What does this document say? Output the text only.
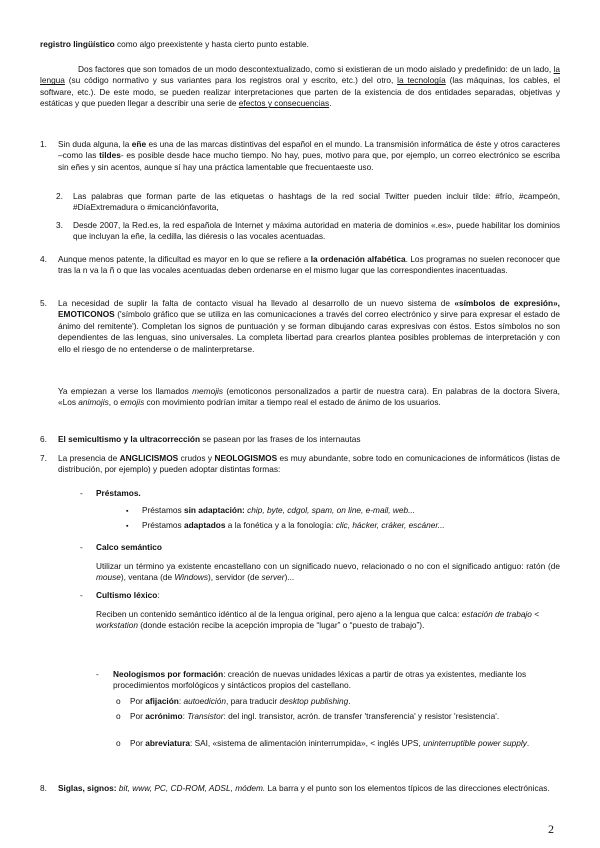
registro lingüístico como algo preexistente y hasta cierto punto estable.
Dos factores que son tomados de un modo descontextualizado, como si existieran de un modo aislado y predefinido: de un lado, la lengua (su código normativo y sus variantes para los registros oral y escrito, etc.) del otro, la tecnología (las máquinas, los cables, el software, etc.). De este modo, se pueden realizar interpretaciones que parten de la existencia de dos entidades separadas, objetivas y estáticas y que pueden llegar a describir una serie de efectos y consecuencias.
1. Sin duda alguna, la eñe es una de las marcas distintivas del español en el mundo. La transmisión informática de éste y otros caracteres –como las tildes- es posible desde hace mucho tiempo. No hay, pues, motivo para que, por ejemplo, un correo electrónico se escriba sin eñes y sin acentos, aunque sí hay una práctica lamentable que frecuentaeste uso.
2. Las palabras que forman parte de las etiquetas o hashtags de la red social Twitter pueden incluir tilde: #frío, #campeón, #DíaExtremadura o #micanciónfavorita,
3. Desde 2007, la Red.es, la red española de Internet y máxima autoridad en materia de dominios «.es», puede habilitar los dominios que incluyan la eñe, la cedilla, las diéresis o las vocales acentuadas.
4. Aunque menos patente, la dificultad es mayor en lo que se refiere a la ordenación alfabética. Los programas no suelen reconocer que tras la n va la ñ o que las vocales acentuadas deben ordenarse en el mismo lugar que las correspondientes inacentuadas.
5. La necesidad de suplir la falta de contacto visual ha llevado al desarrollo de un nuevo sistema de «símbolos de expresión», EMOTICONOS ('símbolo gráfico que se utiliza en las comunicaciones a través del correo electrónico y sirve para expresar el estado de ánimo del remitente'). Completan los signos de puntuación y se forman dibujando caras expresivas con éstos. Estos símbolos no son dependientes de las lenguas, sino universales. La completa libertad para crearlos plantea posibles problemas de interpretación y con ello el riesgo de no entenderse o de malinterpretarse.
Ya empiezan a verse los llamados memojis (emoticonos personalizados a partir de nuestra cara). En palabras de la doctora Sivera, «Los animojis, o emojis con movimiento podrían imitar a tiempo real el estado de ánimo de los usuarios.
6. El semicultismo y la ultracorrección se pasean por las frases de los internautas
7. La presencia de ANGLICISMOS crudos y NEOLOGISMOS es muy abundante, sobre todo en comunicaciones de informáticos (listas de distribución, por ejemplo) y pueden adoptar distintas formas:
- Préstamos.
▪ Préstamos sin adaptación: chip, byte, cdgol, spam, on line, e-mail, web...
▪ Préstamos adaptados a la fonética y a la fonología: clic, hácker, cráker, escáner...
- Calco semántico
Utilizar un término ya existente encastellano con un significado nuevo, relacionado o no con el significado antiguo: ratón (de mouse), ventana (de Windows), servidor (de server)...
- Cultismo léxico:
Reciben un contenido semántico idéntico al de la lengua original, pero ajeno a la lengua que calca: estación de trabajo < workstation (donde estación recibe la acepción impropia de “lugar” o “puesto de trabajo”).
- Neologismos por formación: creación de nuevas unidades léxicas a partir de otras ya existentes, mediante los procedimientos morfológicos y sintácticos propios del castellano.
o Por afijación: autoedición, para traducir desktop publishing.
o Por acrónimo: Transistor: del ingl. transistor, acrón. de transfer 'transferencia' y resistor 'resistencia'.
o Por abreviatura: SAI, «sistema de alimentación ininterrumpida», < inglés UPS, uninterruptible power supply.
8. Siglas, signos: bit, www, PC, CD-ROM, ADSL, módem. La barra y el punto son los elementos típicos de las direcciones electrónicas.
2
